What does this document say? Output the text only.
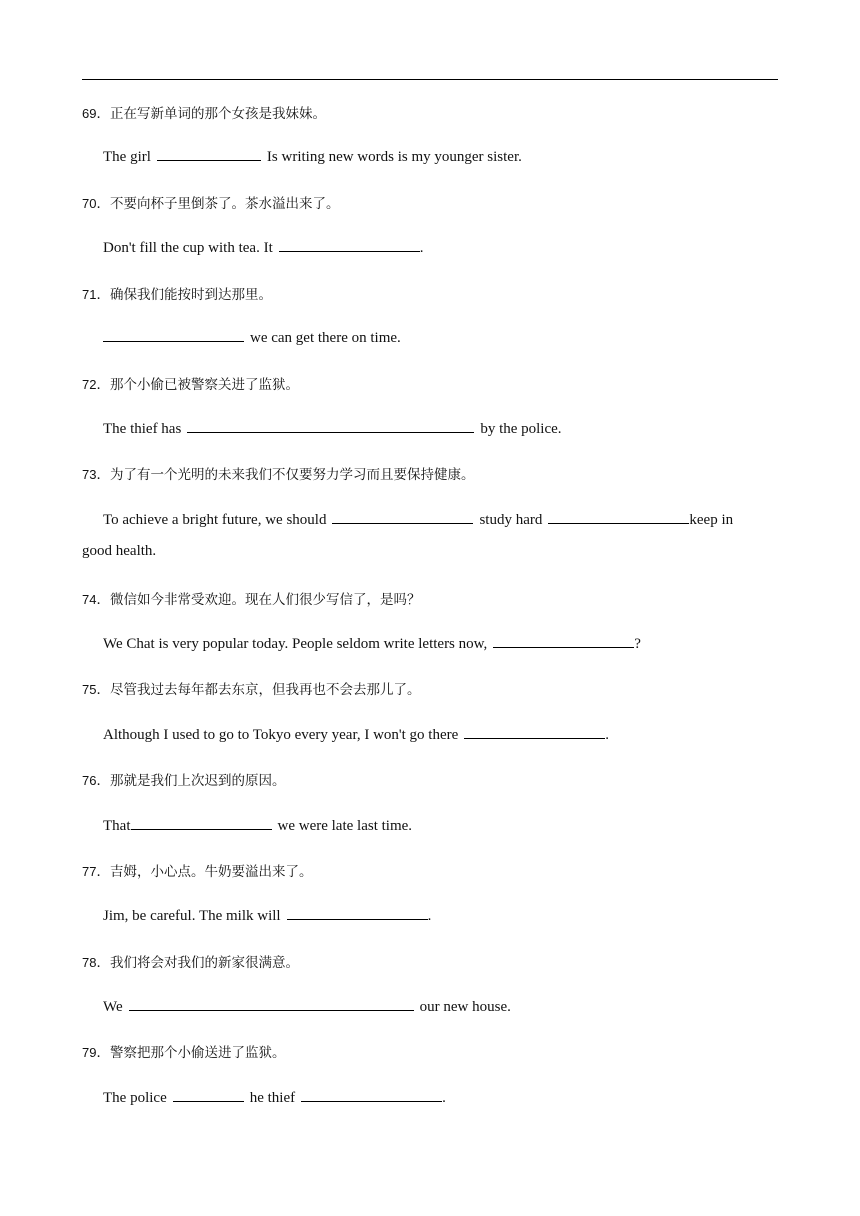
69．正在写新单词的那个女孩是我妹妹。
The girl	Is writing new words is my younger sister.
70．不要向杯子里倒茶了。茶水溢出来了。
Don't fill the cup with tea. It	.
71．确保我们能按时到达那里。
we can get there on time.
72．那个小偷已被警察关进了监狱。
The thief has	by the police.
73．为了有一个光明的未来我们不仅要努力学习而且要保持健康。
To achieve a bright future, we should	study hard	keep in
good health.
74．微信如今非常受欢迎。现在人们很少写信了，是吗？
We Chat is very popular today. People seldom write letters now,	?
75．尽管我过去每年都去东京，但我再也不会去那儿了。
Although I used to go to Tokyo every year, I won't go there	.
76．那就是我们上次迟到的原因。
That	we were late last time.
77．吉姆，小心点。牛奶要溢出来了。
Jim, be careful. The milk will	.
78．我们将会对我们的新家很满意。
We	our new house.
79．警察把那个小偷送进了监狱。
The police	he thief	.
